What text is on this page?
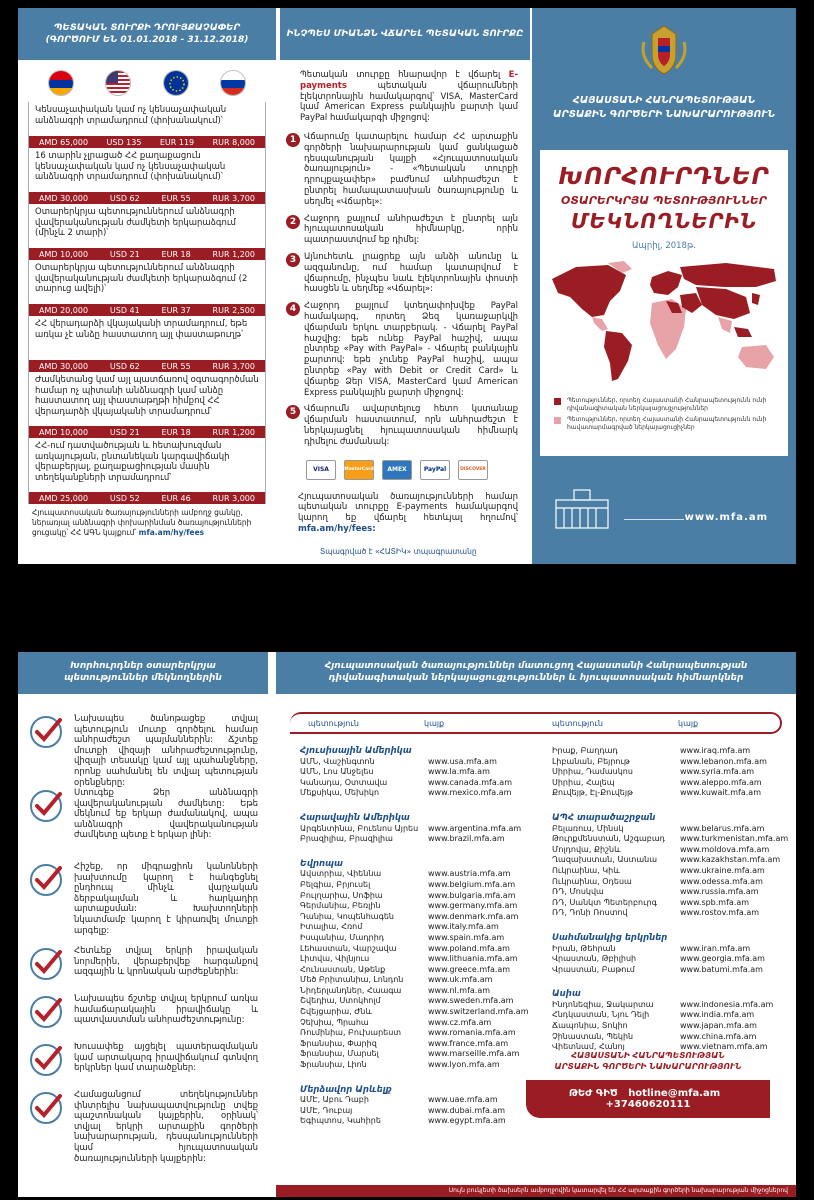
ՊԵՏԱԿԱՆ ՏՈՒՐՔԻ ԴՐՈՒՅՔԱՉԱՓԵՐ
(ԳՈՐԾՈՒՄ ԵՆ 01.01.2018 - 31.12.2018)
Կենսաչափական կամ ոչ կենսաչափական անձնագրի տրամադրում (փոխանակում)՝
AMD 65,000 USD 135 EUR 119 RUR 8,000
16 տարին չլրացած ՀՀ քաղաքացուն կենսաչափական կամ ոչ կենսաչափական անձնագրի տրամադրում (փոխանակում)՝
AMD 30,000	USD 62	EUR 55	RUR 3,700
Օտարերկրյա պետություններում անձնագրի վավերականության ժամկետի երկարաձգում (մինչև 2 տարի)՝
AMD 10,000	USD 21	EUR 18	RUR 1,200
Օտարերկրյա պետություններում անձնագրի վավերականության ժամկետի երկարաձգում (2 տարուց ավելի)՝
AMD 20,000	USD 41	EUR 37	RUR 2,500
ՀՀ վերադարձի վկայականի տրամադրում, եթե առկա չէ անձը հաստատող այլ փաստաթուղթ՝
AMD 30,000	USD 62	EUR 55	RUR 3,700
Ժամկետանց կամ այլ պատճառով օգտագործման համար ոչ պիտանի անձնագրի կամ անձը հաստատող այլ փաստաթղթի հիմքով ՀՀ վերադարձի վկայականի տրամադրում՝
AMD 10,000	USD 21	EUR 18	RUR 1,200
ՀՀ-ում դատվածության և հետախուզման առկայության, ընտանեկան կարգավիճակի վերաբերյալ, քաղաքացիության մասին տեղեկանքների տրամադրում՝
AMD 25,000	USD 52	EUR 46	RUR 3,000
Հյուպատոսական ծառայությունների ամբողջ ցանկը, ներառյալ անձնագրի փոխարինման ծառայությունների ցուցակը՝ ՀՀ ԱԳՆ կայքում՝ mfa.am/hy/fees
ԻՆՉՊԵՍ ՄԻԱՆՁՆ ՎՃԱՐԵԼ ՊԵՏԱԿԱՆ ՏՈՒՐՔԸ
Պետական տուրքը հնարավոր է վճարել E-payments պետական վճարումների էլեկտրոնային համակարգով՝ VISA, MasterCard կամ American Express բանկային քարտի կամ PayPal համակարգի միջոցով:
1 Վճարումը կատարելու համար ՀՀ արտաքին գործերի նախարարության կամ ցանկացած դեսպանության կայքի «Հյուպատոսական ծառայություն» - «Պետական տուրքի դրույքաչափեր» բաժնում անհրաժեշտ է ընտրել համապատասխան ծառայությունը և սեղմել «Վճարել»:
2 Հաջորդ քայլում անհրաժեշտ է ընտրել այն հյուպատոսական հիմնարկը, որին պատրաստվում եք դիմել:
3 Այնուհետև լրացրեք այն անձի անունը և ազգանունը, ում համար կատարվում է վճարումը, ինչպես նաև էլեկտրոնային փոստի հասցեն և սեղմեք «Վճարել»:
4 Հաջորդ քայլում կտեղափոխվեք PayPal համակարգ, որտեղ Ձեզ կառաջարկվի վճարման երկու տարբերակ. - Վճարել PayPal հաշվից: եթե ունեք PayPal հաշիվ, ապա ընտրեք «Pay with PayPal» - Վճարել բանկային քարտով: եթե չունեք PayPal հաշիվ, ապա ընտրեք «Pay with Debit or Credit Card» և վճարեք Ձեր VISA, MasterCard կամ American Express բանկային քարտի միջոցով:
5 Վճարումն ավարտելուց հետո կստանաք վճարման հաստատում, որն անհրաժեշտ է ներկայացնել հյուպատոսական հիմնարկ դիմելու ժամանակ:
VISA	MasterCard	AMEX	PayPal	DISCOVER
Հյուպատոսական ծառայությունների համար պետական տուրքը E-payments համակարգով կարող եք վճարել հետևյալ հղումով՝ mfa.am/hy/fees:
Տպագրված է «ՀԱՏԻԿ» տպագրատանը
ՀԱՅԱՍՏԱՆԻ ՀԱՆՐԱՊԵՏՈՒԹՅԱՆ
ԱՐՏԱՔԻՆ ԳՈՐԾԵՐԻ ՆԱԽԱՐԱՐՈՒԹՅՈՒՆ
ԽՈՐՀՈՒՐԴՆԵՐ
ՕՏԱՐԵՐԿՐՅԱ ՊԵՏՈՒԹՅՈՒՆՆԵՐ
ՄԵԿՆՈՂՆԵՐԻՆ
Ապրիլ, 2018թ.
Պետություններ, որտեղ Հայաստանի Հանրապետությունն ունի դիվանագիտական ներկայացուցչություններ
Պետություններ, որտեղ Հայաստանի Հանրապետությունն ունի հավատարմագրված ներկայացուցիչներ
www.mfa.am
Խորհուրդներ օտարերկրյա
պետություններ մեկնողներին
Նախապես ծանոթացեք տվյալ պետություն մուտք գործելու համար անհրաժեշտ պայմաններին: Ճշտեք մուտքի վիզայի անհրաժեշտությունը, վիզայի տեսակը կամ այլ պահանջները, որոնք սահմանել են տվյալ պետության օրենքները:
Ստուգեք Ձեր անձնագրի վավերականության ժամկետը: Եթե մեկնում եք երկար ժամանակով, ապա անձնագրի վավերականության ժամկետը պետք է երկար լինի:
Հիշեք, որ միգրացիոն կանոնների խախտումը կարող է հանգեցնել ընդհուպ մինչև վարչական ձերբակալման և հարկադիր արտաքսման: Խախտողների նկատմամբ կարող է կիրառվել մուտքի արգելք:
Հետևեք տվյալ երկրի իրավական նորմերին, վերաբերվեք հարգանքով ազգային և կրոնական արժեքներին:
Նախապես ճշտեք տվյալ երկրում առկա համաճարակային իրավիճակը և պատվաստման անհրաժեշտությունը:
Խուսափեք այցելել պատերազմական կամ արտակարգ իրավիճակում գտնվող երկրներ կամ տարածքներ:
Համացանցում տեղեկություններ փնտրելիս նախապատվությունը տվեք պաշտոնական կայքերին, օրինակ՝ տվյալ երկրի արտաքին գործերի նախարարության, դեսպանությունների կամ հյուպատոսական ծառայությունների կայքերին:
Հյուպատոսական ծառայություններ մատուցող Հայաստանի Հանրապետության
դիվանագիտական ներկայացուցչություններ և հյուպատոսական հիմնարկներ
պետություն	կայք	պետություն	կայք
Հյուսիսային Ամերիկա
ԱՄՆ, Վաշինգտոն	www.usa.mfa.am
ԱՄՆ, Լոս Անջելես	www.la.mfa.am
Կանադա, Օտտավա	www.canada.mfa.am
Մեքսիկա, Մեխիկո	www.mexico.mfa.am
Հարավային Ամերիկա
Արգենտինա, Բուենոս Այրես	www.argentina.mfa.am
Բրազիլիա, Բրազիլիա	www.brazil.mfa.am
Եվրոպա
Ավստրիա, Վիեննա	www.austria.mfa.am
Բելգիա, Բրյուսել	www.belgium.mfa.am
Բուլղարիա, Սոֆիա	www.bulgaria.mfa.am
Գերմանիա, Բեռլին	www.germany.mfa.am
Դանիա, Կոպենհագեն	www.denmark.mfa.am
Իտալիա, Հռոմ	www.italy.mfa.am
Իսպանիա, Մադրիդ	www.spain.mfa.am
Լեհաստան, Վարշավա	www.poland.mfa.am
Լիտվա, Վիլնյուս	www.lithuania.mfa.am
Հունաստան, Աթենք	www.greece.mfa.am
Մեծ Բրիտանիա, Լոնդոն	www.uk.mfa.am
Նիդերլանդներ, Հաագա	www.nl.mfa.am
Շվեդիա, Ստոկհոլմ	www.sweden.mfa.am
Շվեյցարիա, Ժնև	www.switzerland.mfa.am
Չեխիա, Պրահա	www.cz.mfa.am
Ռումինիա, Բուխարեստ	www.romania.mfa.am
Ֆրանսիա, Փարիզ	www.france.mfa.am
Ֆրանսիա, Մարսել	www.marseille.mfa.am
Ֆրանսիա, Լիոն	www.lyon.mfa.am
Մերձավոր Արևելք
ԱՄԷ, Աբու Դաբի	www.uae.mfa.am
ԱՄԷ, Դուբայ	www.dubai.mfa.am
Եգիպտոս, Կահիրե	www.egypt.mfa.am
Իրաք, Բաղդադ	www.iraq.mfa.am
Լիբանան, Բեյրութ	www.lebanon.mfa.am
Սիրիա, Դամասկոս	www.syria.mfa.am
Սիրիա, Հալեպ	www.aleppo.mfa.am
Քուվեյթ, Էլ-Քուվեյթ	www.kuwait.mfa.am
ԱՊՀ տարածաշրջան
Բելառուս, Մինսկ	www.belarus.mfa.am
Թուրքմենստան, Աշգաբադ	www.turkmenistan.mfa.am
Մոլդովա, Քիշնև	www.moldova.mfa.am
Ղազախստան, Աստանա	www.kazakhstan.mfa.am
Ուկրաինա, Կիև	www.ukraine.mfa.am
Ուկրաինա, Օդեսա	www.odessa.mfa.am
ՌԴ, Մոսկվա	www.russia.mfa.am
ՌԴ, Սանկտ Պետերբուրգ	www.spb.mfa.am
ՌԴ, Դոնի Ռոստով	www.rostov.mfa.am
Սահմանակից երկրներ
Իրան, Թեհրան	www.iran.mfa.am
Վրաստան, Թբիլիսի	www.georgia.mfa.am
Վրաստան, Բաթում	www.batumi.mfa.am
Ասիա
Ինդոնեզիա, Ջակարտա	www.indonesia.mfa.am
Հնդկաստան, Նյու Դելի	www.india.mfa.am
Ճապոնիա, Տոկիո	www.japan.mfa.am
Չինաստան, Պեկին	www.china.mfa.am
Վիետնամ, Հանոյ	www.vietnam.mfa.am
ՀԱՅԱՍՏԱՆԻ ՀԱՆՐԱՊԵՏՈՒԹՅԱՆ
ԱՐՏԱՔԻՆ ԳՈՐԾԵՐԻ ՆԱԽԱՐԱՐՈՒԹՅՈՒՆ
ԹԵԺ ԳԻԾ hotline@mfa.am   +37460620111
Սույն բուկլետի ծախսերն ամբողջովին կատարվել են ՀՀ արտաքին գործերի նախարարության միջոցներով
